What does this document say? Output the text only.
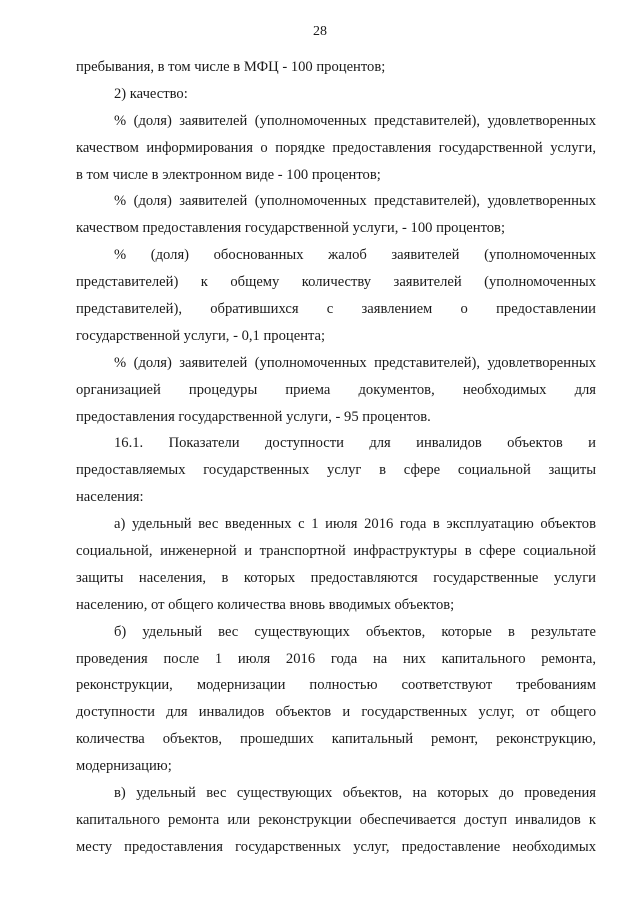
28
пребывания, в том числе в МФЦ - 100 процентов;
2) качество:
% (доля) заявителей (уполномоченных представителей), удовлетворенных
качеством информирования о порядке предоставления государственной услуги,
в том числе в электронном виде - 100 процентов;
% (доля) заявителей (уполномоченных представителей), удовлетворенных
качеством предоставления государственной услуги, - 100 процентов;
% (доля) обоснованных жалоб заявителей (уполномоченных
представителей) к общему количеству заявителей (уполномоченных
представителей), обратившихся с заявлением о предоставлении
государственной услуги, - 0,1 процента;
% (доля) заявителей (уполномоченных представителей), удовлетворенных
организацией процедуры приема документов, необходимых для
предоставления государственной услуги, - 95 процентов.
16.1. Показатели доступности для инвалидов объектов и
предоставляемых государственных услуг в сфере социальной защиты
населения:
а) удельный вес введенных с 1 июля 2016 года в эксплуатацию объектов
социальной, инженерной и транспортной инфраструктуры в сфере социальной
защиты населения, в которых предоставляются государственные услуги
населению, от общего количества вновь вводимых объектов;
б) удельный вес существующих объектов, которые в результате
проведения после 1 июля 2016 года на них капитального ремонта,
реконструкции, модернизации полностью соответствуют требованиям
доступности для инвалидов объектов и государственных услуг, от общего
количества объектов, прошедших капитальный ремонт, реконструкцию,
модернизацию;
в) удельный вес существующих объектов, на которых до проведения
капитального ремонта или реконструкции обеспечивается доступ инвалидов к
месту предоставления государственных услуг, предоставление необходимых
